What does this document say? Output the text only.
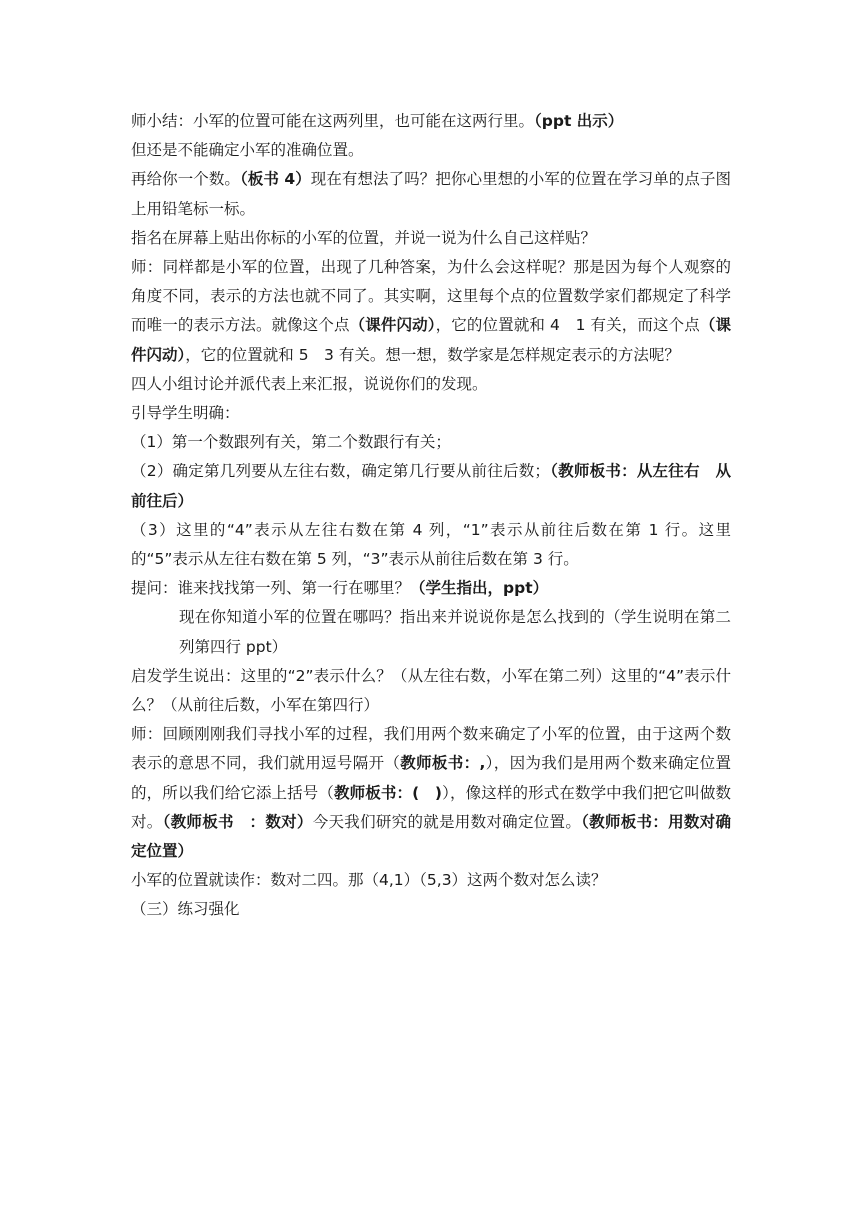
师小结：小军的位置可能在这两列里，也可能在这两行里。（ppt 出示）

但还是不能确定小军的准确位置。

再给你一个数。（板书 4）现在有想法了吗？把你心里想的小军的位置在学习单的点子图上用铅笔标一标。

指名在屏幕上贴出你标的小军的位置，并说一说为什么自己这样贴？

师：同样都是小军的位置，出现了几种答案，为什么会这样呢？那是因为每个人观察的角度不同，表示的方法也就不同了。其实啊，这里每个点的位置数学家们都规定了科学而唯一的表示方法。就像这个点（课件闪动），它的位置就和 4　1 有关，而这个点（课件闪动），它的位置就和 5　3 有关。想一想，数学家是怎样规定表示的方法呢？

四人小组讨论并派代表上来汇报，说说你们的发现。

引导学生明确：

（1）第一个数跟列有关，第二个数跟行有关；

（2）确定第几列要从左往右数，确定第几行要从前往后数；（教师板书：从左往右　从前往后）

（3）这里的“4”表示从左往右数在第 4 列，“1”表示从前往后数在第 1 行。这里的“5”表示从左往右数在第 5 列，“3”表示从前往后数在第 3 行。

提问：谁来找找第一列、第一行在哪里？（学生指出，ppt）

现在你知道小军的位置在哪吗？指出来并说说你是怎么找到的（学生说明在第二列第四行 ppt）

启发学生说出：这里的“2”表示什么？（从左往右数，小军在第二列）这里的“4”表示什么？（从前往后数，小军在第四行）

师：回顾刚刚我们寻找小军的过程，我们用两个数来确定了小军的位置，由于这两个数表示的意思不同，我们就用逗号隔开（教师板书：,），因为我们是用两个数来确定位置的，所以我们给它添上括号（教师板书：(　)），像这样的形式在数学中我们把它叫做数对。（教师板书　：数对）今天我们研究的就是用数对确定位置。（教师板书：用数对确定位置）

小军的位置就读作：数对二四。那（4,1）（5,3）这两个数对怎么读？

（三）练习强化
